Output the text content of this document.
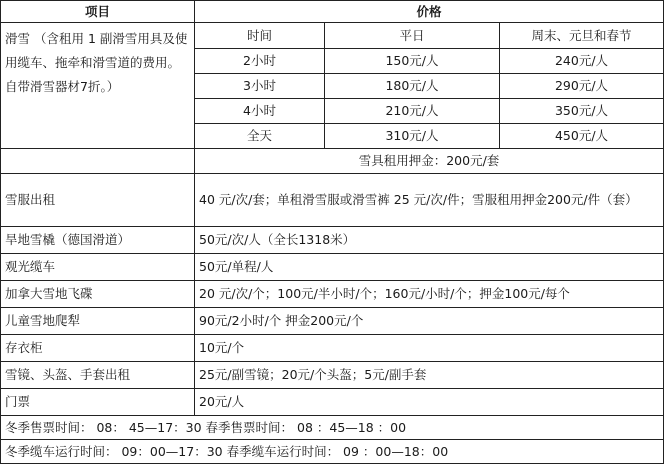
项目	价格		
滑雪 （含租用 1 副滑雪用具及使用缆车、拖牵和滑雪道的费用。自带滑雪器材7折。）	时间	平日	周末、元旦和春节
	2小时	150元/人	240元/人
	3小时	180元/人	290元/人
	4小时	210元/人	350元/人
	全天	310元/人	450元/人
	雪具租用押金：200元/套		
雪服出租	40 元/次/套；单租滑雪服或滑雪裤 25 元/次/件；雪服租用押金200元/件（套）		
旱地雪橇（德国滑道）	50元/次/人（全长1318米）		
观光缆车	50元/单程/人		
加拿大雪地飞碟	20 元/次/个；100元/半小时/个；160元/小时/个；押金100元/每个		
儿童雪地爬犁	90元/2小时/个 押金200元/个		
存衣柜	10元/个		
雪镜、头盔、手套出租	25元/副雪镜；20元/个头盔；5元/副手套		
门票	20元/人		
冬季售票时间： 08： 45—17：30 春季售票时间： 08 ：45—18 ：00			
冬季缆车运行时间： 09：00—17：30 春季缆车运行时间： 09 ：00—18：00			
